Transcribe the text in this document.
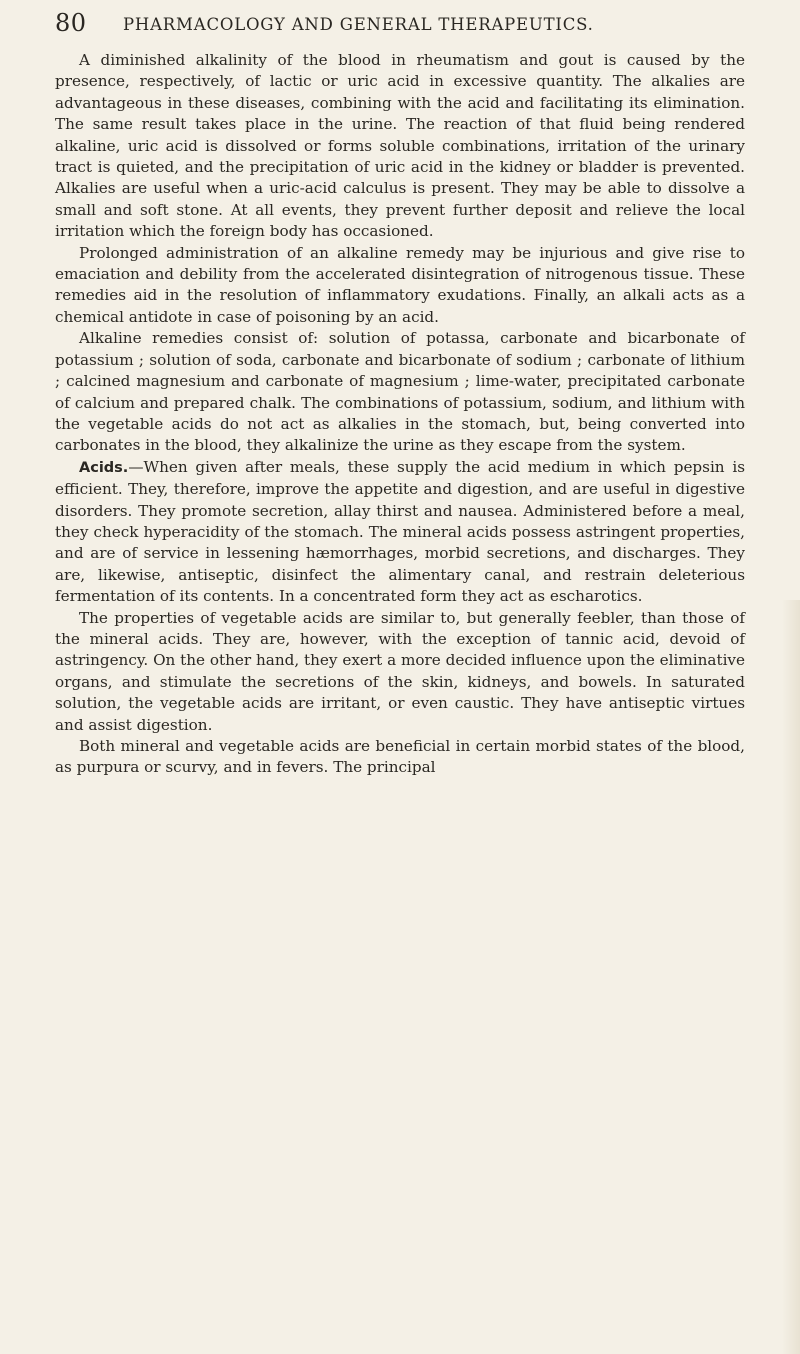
80 PHARMACOLOGY AND GENERAL THERAPEUTICS.

A diminished alkalinity of the blood in rheumatism and gout is caused by the presence, respectively, of lactic or uric acid in excessive quantity. The alkalies are advantageous in these diseases, combining with the acid and facilitating its elimination. The same result takes place in the urine. The reaction of that fluid being rendered alkaline, uric acid is dissolved or forms soluble combinations, irritation of the urinary tract is quieted, and the precipitation of uric acid in the kidney or bladder is prevented. Alkalies are useful when a uric-acid calculus is present. They may be able to dissolve a small and soft stone. At all events, they prevent further deposit and relieve the local irritation which the foreign body has occasioned.

Prolonged administration of an alkaline remedy may be injurious and give rise to emaciation and debility from the accelerated disintegration of nitrogenous tissue. These remedies aid in the resolution of inflammatory exudations. Finally, an alkali acts as a chemical antidote in case of poisoning by an acid.

Alkaline remedies consist of: solution of potassa, carbonate and bicarbonate of potassium ; solution of soda, carbonate and bicarbonate of sodium ; carbonate of lithium ; calcined magnesium and carbonate of magnesium ; lime-water, precipitated carbonate of calcium and prepared chalk. The combinations of potassium, sodium, and lithium with the vegetable acids do not act as alkalies in the stomach, but, being converted into carbonates in the blood, they alkalinize the urine as they escape from the system.

Acids.—When given after meals, these supply the acid medium in which pepsin is efficient. They, therefore, improve the appetite and digestion, and are useful in digestive disorders. They promote secretion, allay thirst and nausea. Administered before a meal, they check hyperacidity of the stomach. The mineral acids possess astringent properties, and are of service in lessening hæmorrhages, morbid secretions, and discharges. They are, likewise, antiseptic, disinfect the alimentary canal, and restrain deleterious fermentation of its contents. In a concentrated form they act as escharotics.

The properties of vegetable acids are similar to, but generally feebler, than those of the mineral acids. They are, however, with the exception of tannic acid, devoid of astringency. On the other hand, they exert a more decided influence upon the eliminative organs, and stimulate the secretions of the skin, kidneys, and bowels. In saturated solution, the vegetable acids are irritant, or even caustic. They have antiseptic virtues and assist digestion.

Both mineral and vegetable acids are beneficial in certain morbid states of the blood, as purpura or scurvy, and in fevers. The principal
